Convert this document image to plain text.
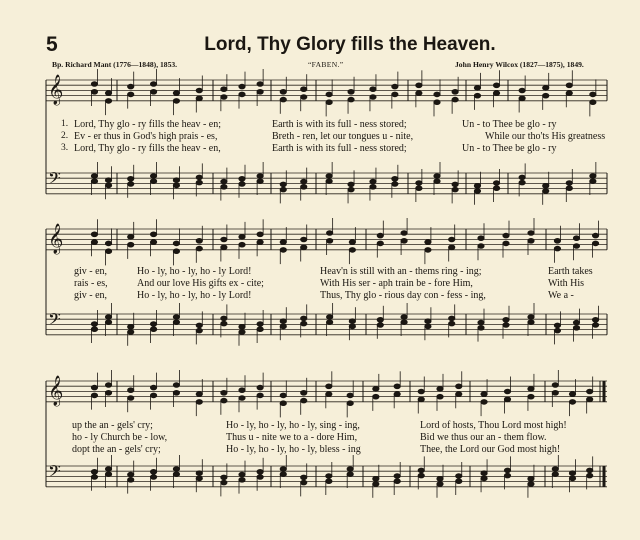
5	Lord, Thy Glory fills the Heaven.
Bp. Richard Mant (1776—1848), 1853.	“FABEN.”	John Henry Wilcox (1827—1875), 1849.
𝄞
𝄢
𝄞
𝄢
𝄞
𝄢
1. Lord, Thy glo - ry fills the heav - en;	Earth is with its full - ness stored;	Un - to Thee be glo - ry
2. Ev - er thus in God's high prais - es,	Breth - ren, let our tongues u - nite,	While our tho'ts His greatness
3. Lord, Thy glo - ry fills the heav - en,	Earth is with its full - ness stored;	Un - to Thee be glo - ry
giv - en,	Ho - ly, ho - ly, ho - ly Lord!	Heav'n is still with an - thems ring - ing;	Earth takes
rais - es,	And our love His gifts ex - cite;	With His ser - aph train be - fore Him,	With His
giv - en,	Ho - ly, ho - ly, ho - ly Lord!	Thus, Thy glo - rious day con - fess - ing,	We a -
up the an - gels' cry;	Ho - ly, ho - ly, ho - ly, sing - ing,	Lord of hosts, Thou Lord most high!
ho - ly Church be - low,	Thus u - nite we to a - dore Him,	Bid we thus our an - them flow.
dopt the an - gels' cry;	Ho - ly, ho - ly, ho - ly, bless - ing	Thee, the Lord our God most high!
